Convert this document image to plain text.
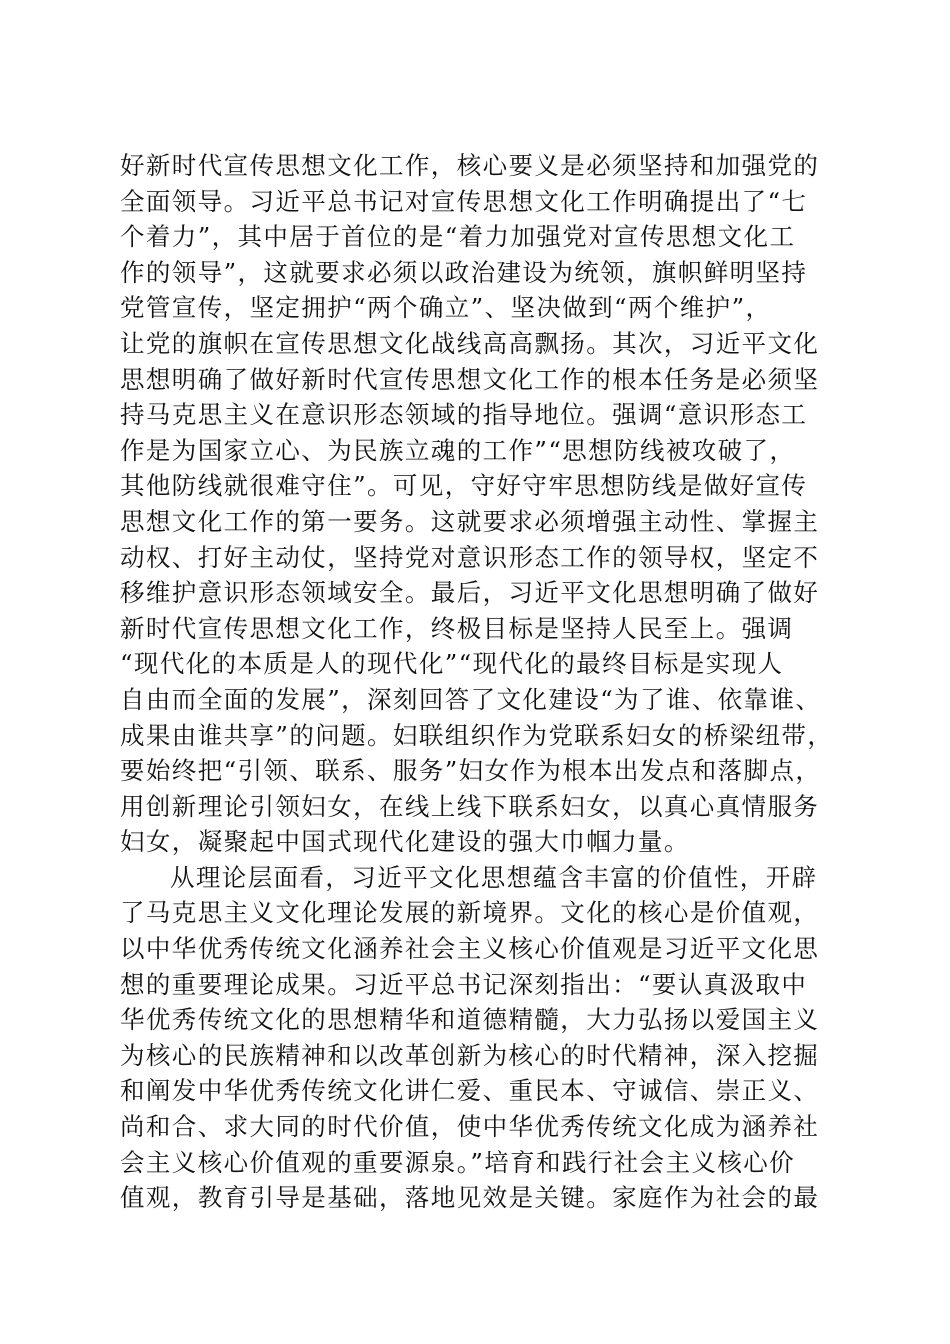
好新时代宣传思想文化工作，核心要义是必须坚持和加强党的
全面领导。习近平总书记对宣传思想文化工作明确提出了“七
个着力”，其中居于首位的是“着力加强党对宣传思想文化工
作的领导”，这就要求必须以政治建设为统领，旗帜鲜明坚持
党管宣传，坚定拥护“两个确立”、坚决做到“两个维护”，
让党的旗帜在宣传思想文化战线高高飘扬。其次，习近平文化
思想明确了做好新时代宣传思想文化工作的根本任务是必须坚
持马克思主义在意识形态领域的指导地位。强调“意识形态工
作是为国家立心、为民族立魂的工作”“思想防线被攻破了，
其他防线就很难守住”。可见，守好守牢思想防线是做好宣传
思想文化工作的第一要务。这就要求必须增强主动性、掌握主
动权、打好主动仗，坚持党对意识形态工作的领导权，坚定不
移维护意识形态领域安全。最后，习近平文化思想明确了做好
新时代宣传思想文化工作，终极目标是坚持人民至上。强调
“现代化的本质是人的现代化”“现代化的最终目标是实现人
自由而全面的发展”，深刻回答了文化建设“为了谁、依靠谁、
成果由谁共享”的问题。妇联组织作为党联系妇女的桥梁纽带，
要始终把“引领、联系、服务”妇女作为根本出发点和落脚点，
用创新理论引领妇女，在线上线下联系妇女，以真心真情服务
妇女，凝聚起中国式现代化建设的强大巾帼力量。
从理论层面看，习近平文化思想蕴含丰富的价值性，开辟
了马克思主义文化理论发展的新境界。文化的核心是价值观，
以中华优秀传统文化涵养社会主义核心价值观是习近平文化思
想的重要理论成果。习近平总书记深刻指出：“要认真汲取中
华优秀传统文化的思想精华和道德精髓，大力弘扬以爱国主义
为核心的民族精神和以改革创新为核心的时代精神，深入挖掘
和阐发中华优秀传统文化讲仁爱、重民本、守诚信、崇正义、
尚和合、求大同的时代价值，使中华优秀传统文化成为涵养社
会主义核心价值观的重要源泉。”培育和践行社会主义核心价
值观，教育引导是基础，落地见效是关键。家庭作为社会的最
